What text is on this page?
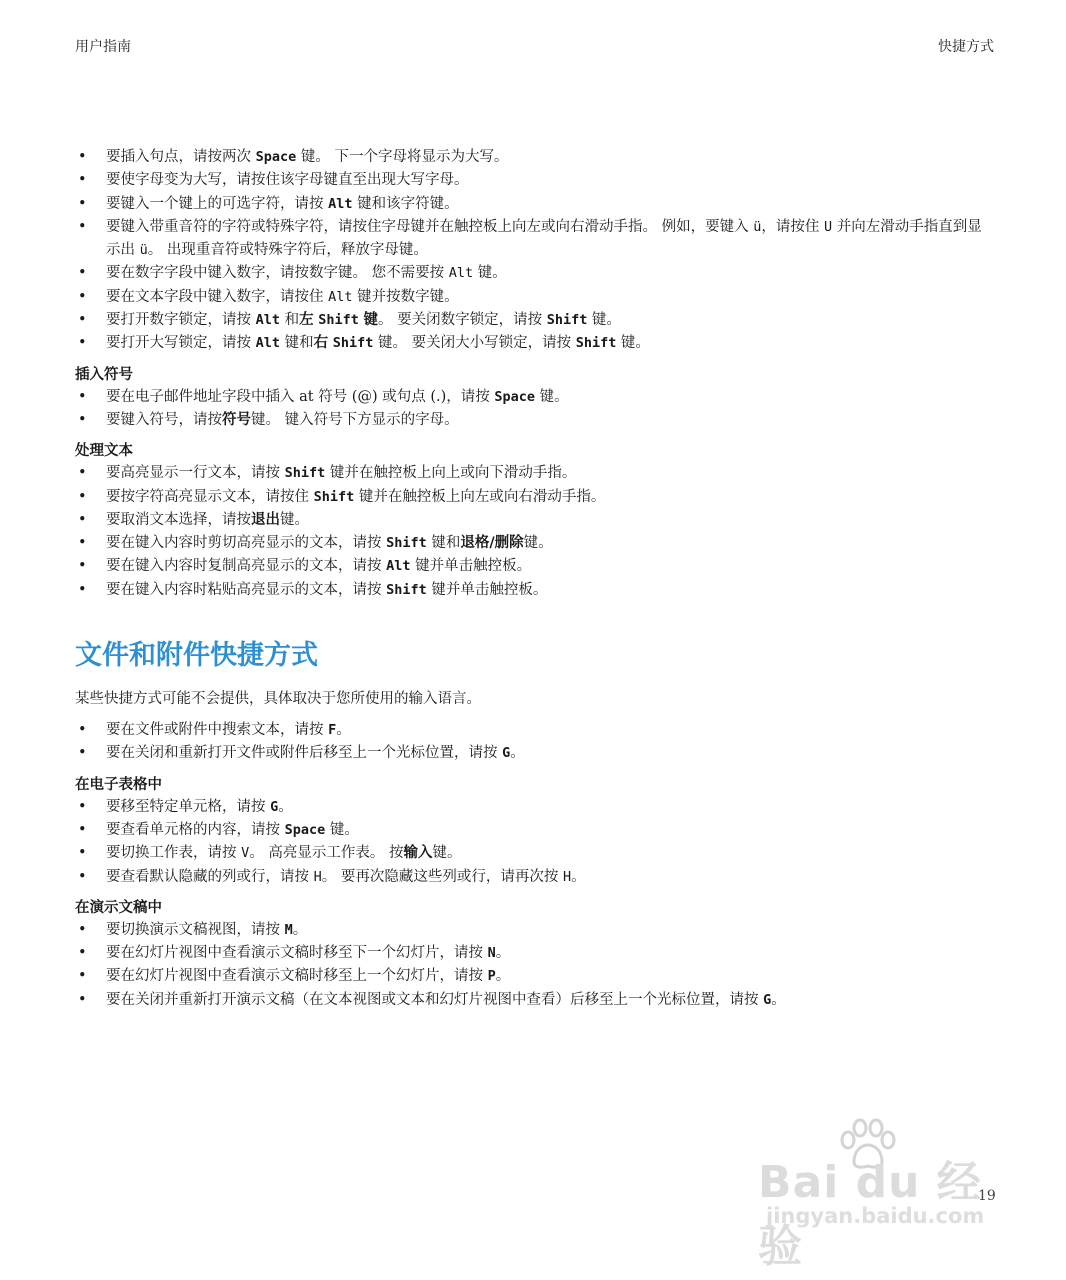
用户指南	快捷方式
• 要插入句点，请按两次 Space 键。 下一个字母将显示为大写。
• 要使字母变为大写，请按住该字母键直至出现大写字母。
• 要键入一个键上的可选字符，请按 Alt 键和该字符键。
• 要键入带重音符的字符或特殊字符，请按住字母键并在触控板上向左或向右滑动手指。 例如，要键入 ü，请按住 U 并向左滑动手指直到显示出 ü。 出现重音符或特殊字符后，释放字母键。
• 要在数字字段中键入数字，请按数字键。 您不需要按 Alt 键。
• 要在文本字段中键入数字，请按住 Alt 键并按数字键。
• 要打开数字锁定，请按 Alt 和左 Shift 键。 要关闭数字锁定，请按 Shift 键。
• 要打开大写锁定，请按 Alt 键和右 Shift 键。 要关闭大小写锁定，请按 Shift 键。
插入符号
• 要在电子邮件地址字段中插入 at 符号 (@) 或句点 (.)，请按 Space 键。
• 要键入符号，请按符号键。 键入符号下方显示的字母。
处理文本
• 要高亮显示一行文本，请按 Shift 键并在触控板上向上或向下滑动手指。
• 要按字符高亮显示文本，请按住 Shift 键并在触控板上向左或向右滑动手指。
• 要取消文本选择，请按退出键。
• 要在键入内容时剪切高亮显示的文本，请按 Shift 键和退格/删除键。
• 要在键入内容时复制高亮显示的文本，请按 Alt 键并单击触控板。
• 要在键入内容时粘贴高亮显示的文本，请按 Shift 键并单击触控板。
文件和附件快捷方式

某些快捷方式可能不会提供，具体取决于您所使用的输入语言。

• 要在文件或附件中搜索文本，请按 F。
• 要在关闭和重新打开文件或附件后移至上一个光标位置，请按 G。
在电子表格中
• 要移至特定单元格，请按 G。
• 要查看单元格的内容，请按 Space 键。
• 要切换工作表，请按 V。 高亮显示工作表。 按输入键。
• 要查看默认隐藏的列或行，请按 H。 要再次隐藏这些列或行，请再次按 H。
在演示文稿中
• 要切换演示文稿视图，请按 M。
• 要在幻灯片视图中查看演示文稿时移至下一个幻灯片，请按 N。
• 要在幻灯片视图中查看演示文稿时移至上一个幻灯片，请按 P。
• 要在关闭并重新打开演示文稿（在文本视图或文本和幻灯片视图中查看）后移至上一个光标位置，请按 G。
19
Bai du 经验
jingyan.baidu.com
